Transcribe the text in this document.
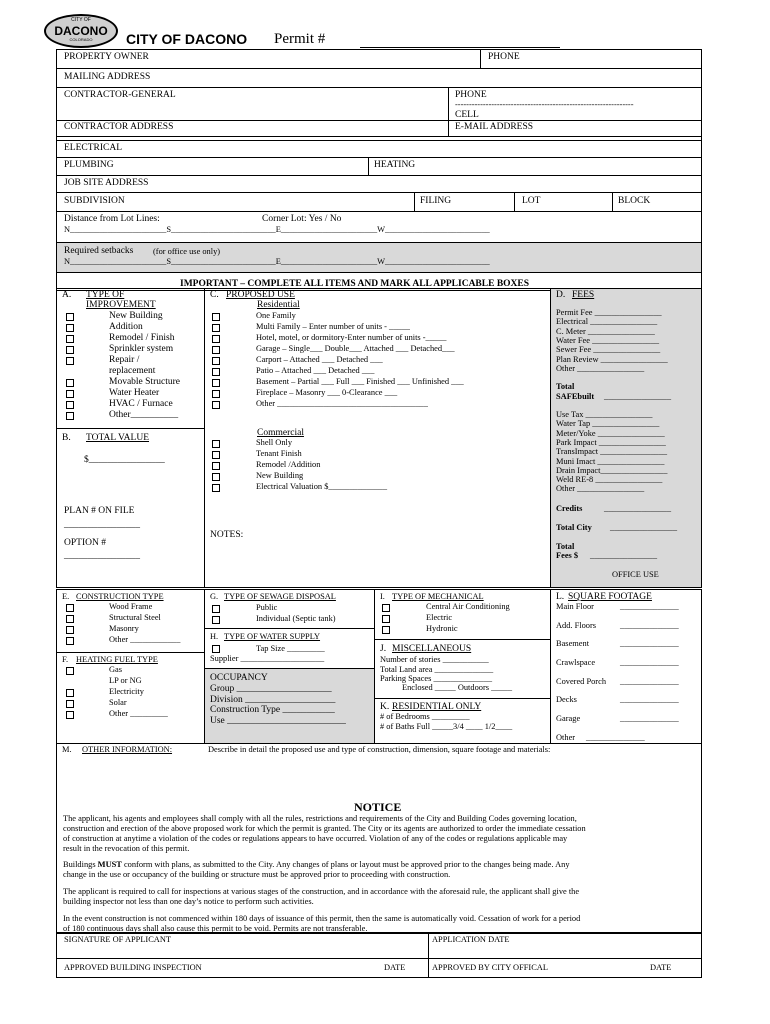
CITY OF
DACONO
COLORADO	CITY OF DACONO Permit #
PROPERTY OWNER	PHONE
MAILING ADDRESS
CONTRACTOR-GENERAL	PHONE
----------------------------------------------------------------
CELL
CONTRACTOR ADDRESS	E-MAIL ADDRESS
ELECTRICAL
PLUMBING	HEATING
JOB SITE ADDRESS
SUBDIVISION	FILING	LOT	BLOCK
Distance from Lot Lines:	Corner Lot: Yes / No
N_______________________S_________________________E_______________________W_________________________
Required setbacks (for office use only)
N_______________________S_________________________E_______________________W_________________________
IMPORTANT – COMPLETE ALL ITEMS AND MARK ALL APPLICABLE BOXES
A. TYPE OF
IMPROVEMENT
B. TOTAL VALUE
$________________
PLAN # ON FILE
________________
OPTION #
________________
C. PROPOSED USE
Residential
Commercial
NOTES:
D. FEES
Total
SAFEbuilt ________________
Credits	________________
Total City ________________
Total
Fees $ ________________
OFFICE USE
E. CONSTRUCTION TYPE
F. HEATING FUEL TYPE
G. TYPE OF SEWAGE DISPOSAL
H. TYPE OF WATER SUPPLY
Tap Size _________
Supplier ____________________
OCCUPANCY
I. TYPE OF MECHANICAL
J. MISCELLANEOUS
Enclosed _____ Outdoors _____
K. RESIDENTIAL ONLY
L. SQUARE FOOTAGE
M. OTHER INFORMATION:	Describe in detail the proposed use and type of construction, dimension, square footage and materials:
NOTICE
The applicant, his agents and employees shall comply with all the rules, restrictions and requirements of the City and Building Codes governing location,
construction and erection of the above proposed work for which the permit is granted. The City or its agents are authorized to order the immediate cessation
of construction at anytime a violation of the codes or regulations appears to have occurred. Violation of any of the codes or regulations applicable may
result in the revocation of this permit.
Buildings MUST conform with plans, as submitted to the City. Any changes of plans or layout must be approved prior to the changes being made. Any
change in the use or occupancy of the building or structure must be approved prior to proceeding with construction.
The applicant is required to call for inspections at various stages of the construction, and in accordance with the aforesaid rule, the applicant shall give the
building inspector not less than one day’s notice to perform such activities.
In the event construction is not commenced within 180 days of issuance of this permit, then the same is automatically void. Cessation of work for a period
of 180 continuous days shall also cause this permit to be void. Permits are not transferable.
SIGNATURE OF APPLICANT	APPLICATION DATE
APPROVED BUILDING INSPECTION	DATE	APPROVED BY CITY OFFICAL	DATE
New Building
Addition
Remodel / Finish
Sprinkler system
Repair /
replacement
Movable Structure
Water Heater
HVAC / Furnace
Other__________
One Family
Multi Family – Enter number of units - _____
Hotel, motel, or dormitory-Enter number of units -_____
Garage – Single___ Double___ Attached ___ Detached___
Carport – Attached ___ Detached ___
Patio – Attached ___ Detached ___
Basement – Partial ___ Full ___ Finished ___ Unfinished ___
Fireplace – Masonry ___ 0-Clearance ___
Other ____________________________________
Shell Only
Tenant Finish
Remodel /Addition
New Building
Electrical Valuation $______________
Permit Fee ________________
Electrical ________________
C. Meter ________________
Water Fee ________________
Sewer Fee ________________
Plan Review ________________
Other ________________
Use Tax ________________
Water Tap ________________
Meter/Yoke ________________
Park Impact ________________
TransImpact ________________
Muni Imact ________________
Drain Impact________________
Weld RE-8 ________________
Other ________________
Wood Frame
Structural Steel
Masonry
Other ____________
Gas
LP or NG
Electricity
Solar
Other _________
Public
Individual (Septic tank)
Group ____________________
Division ___________________
Construction Type ___________
Use _________________________
Central Air Conditioning
Electric
Hydronic
Number of stories ___________
Total Land area ______________
Parking Spaces ______________
# of Bedrooms _________
# of Baths Full _____3/4 ____ 1/2____
Main Floor	______________
Add. Floors	______________
Basement	______________
Crawlspace	______________
Covered Porch ______________
Decks	______________
Garage	______________
Other ______________
